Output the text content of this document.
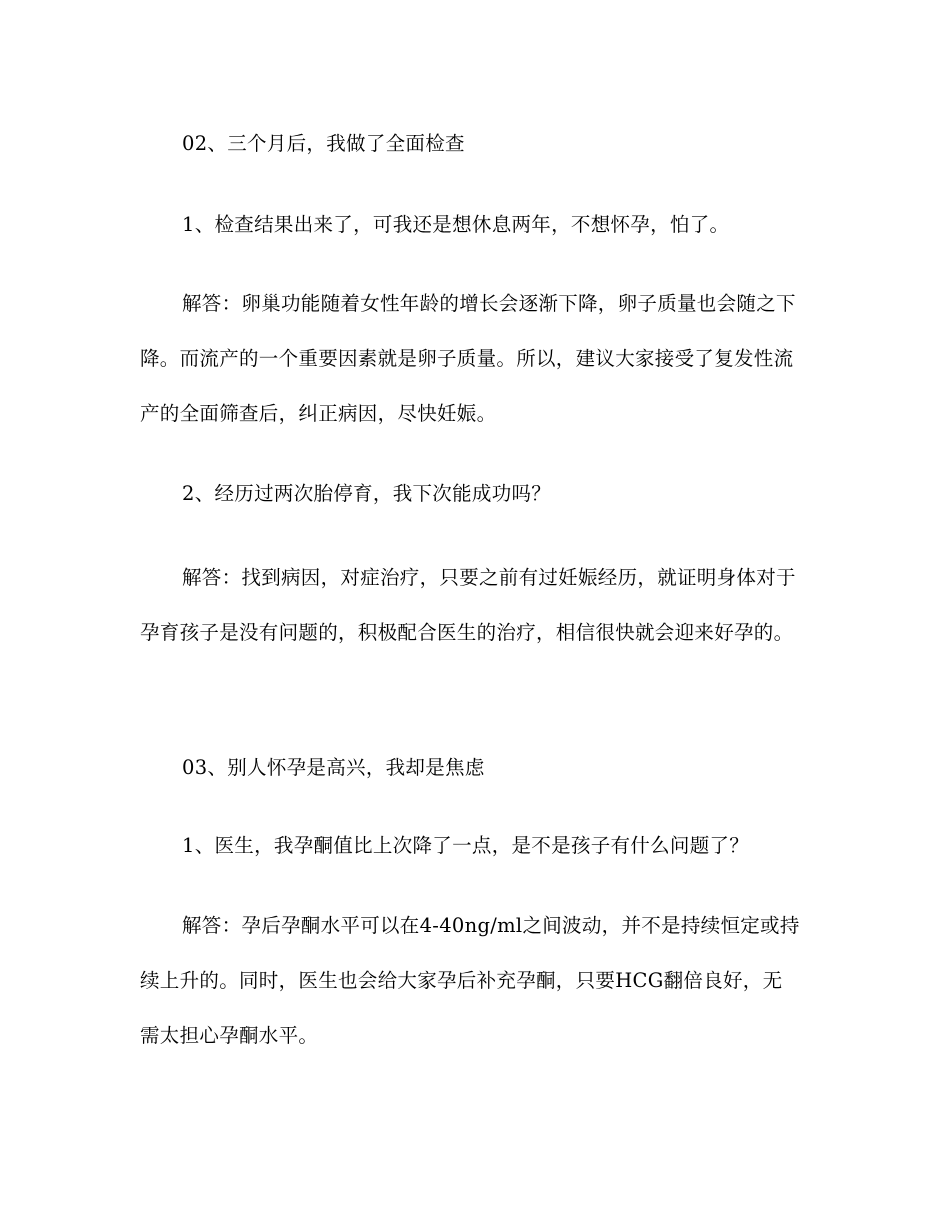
02、三个月后，我做了全面检查

1、检查结果出来了，可我还是想休息两年，不想怀孕，怕了。

解答：卵巢功能随着女性年龄的增长会逐渐下降，卵子质量也会随之下降。而流产的一个重要因素就是卵子质量。所以，建议大家接受了复发性流产的全面筛查后，纠正病因，尽快妊娠。

2、经历过两次胎停育，我下次能成功吗？

解答：找到病因，对症治疗，只要之前有过妊娠经历，就证明身体对于孕育孩子是没有问题的，积极配合医生的治疗，相信很快就会迎来好孕的。

03、别人怀孕是高兴，我却是焦虑

1、医生，我孕酮值比上次降了一点，是不是孩子有什么问题了？

解答：孕后孕酮水平可以在4-40ng/ml之间波动，并不是持续恒定或持续上升的。同时，医生也会给大家孕后补充孕酮，只要HCG翻倍良好，无需太担心孕酮水平。
